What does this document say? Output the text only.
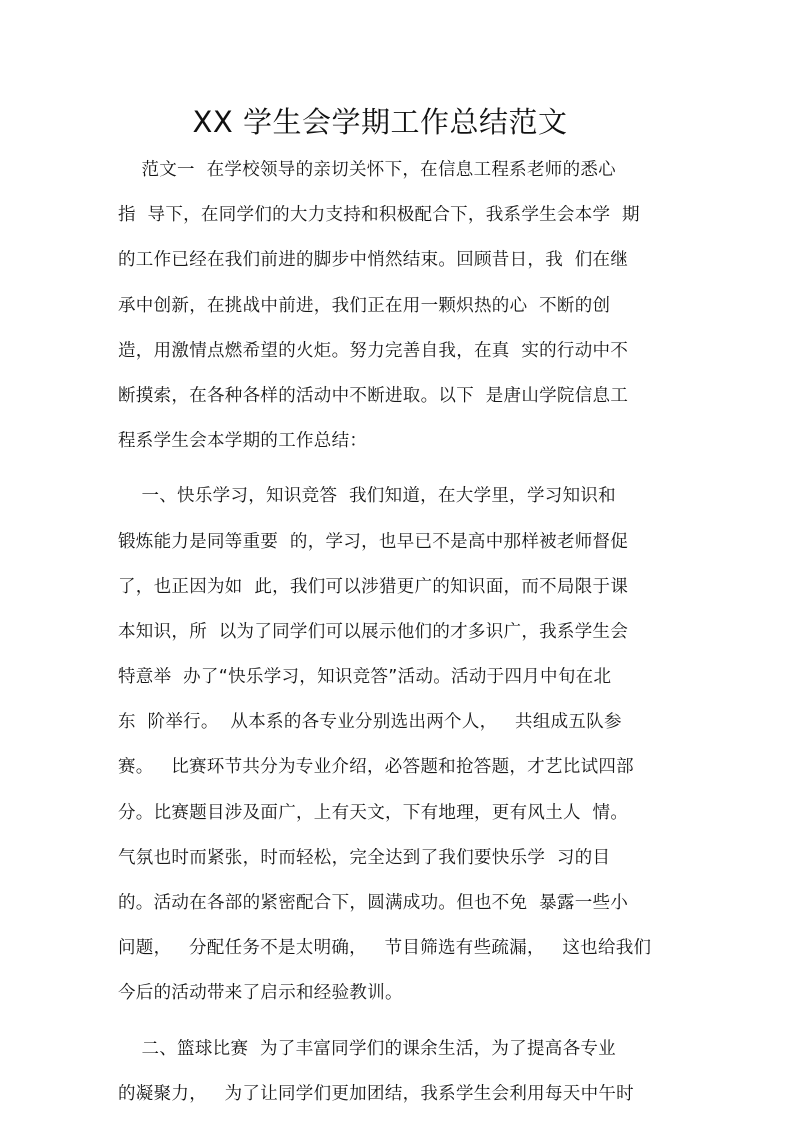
XX 学生会学期工作总结范文
范文一  在学校领导的亲切关怀下，在信息工程系老师的悉心
指  导下，在同学们的大力支持和积极配合下，我系学生会本学  期
的工作已经在我们前进的脚步中悄然结束。回顾昔日，我  们在继
承中创新，在挑战中前进，我们正在用一颗炽热的心  不断的创
造，用激情点燃希望的火炬。努力完善自我，在真  实的行动中不
断摸索，在各种各样的活动中不断进取。以下  是唐山学院信息工
程系学生会本学期的工作总结：
一、快乐学习，知识竞答  我们知道，在大学里，学习知识和
锻炼能力是同等重要  的，学习，也早已不是高中那样被老师督促
了，也正因为如  此，我们可以涉猎更广的知识面，而不局限于课
本知识，所  以为了同学们可以展示他们的才多识广，我系学生会
特意举  办了“快乐学习，知识竞答”活动。活动于四月中旬在北
东  阶举行。  从本系的各专业分别选出两个人，   共组成五队参
赛。   比赛环节共分为专业介绍，必答题和抢答题，才艺比试四部
分。比赛题目涉及面广，上有天文，下有地理，更有风土人  情。
气氛也时而紧张，时而轻松，完全达到了我们要快乐学  习的目
的。活动在各部的紧密配合下，圆满成功。但也不免  暴露一些小
问题，   分配任务不是太明确，   节目筛选有些疏漏，   这也给我们
今后的活动带来了启示和经验教训。
二、篮球比赛  为了丰富同学们的课余生活，为了提高各专业
的凝聚力，   为了让同学们更加团结，我系学生会利用每天中午时
